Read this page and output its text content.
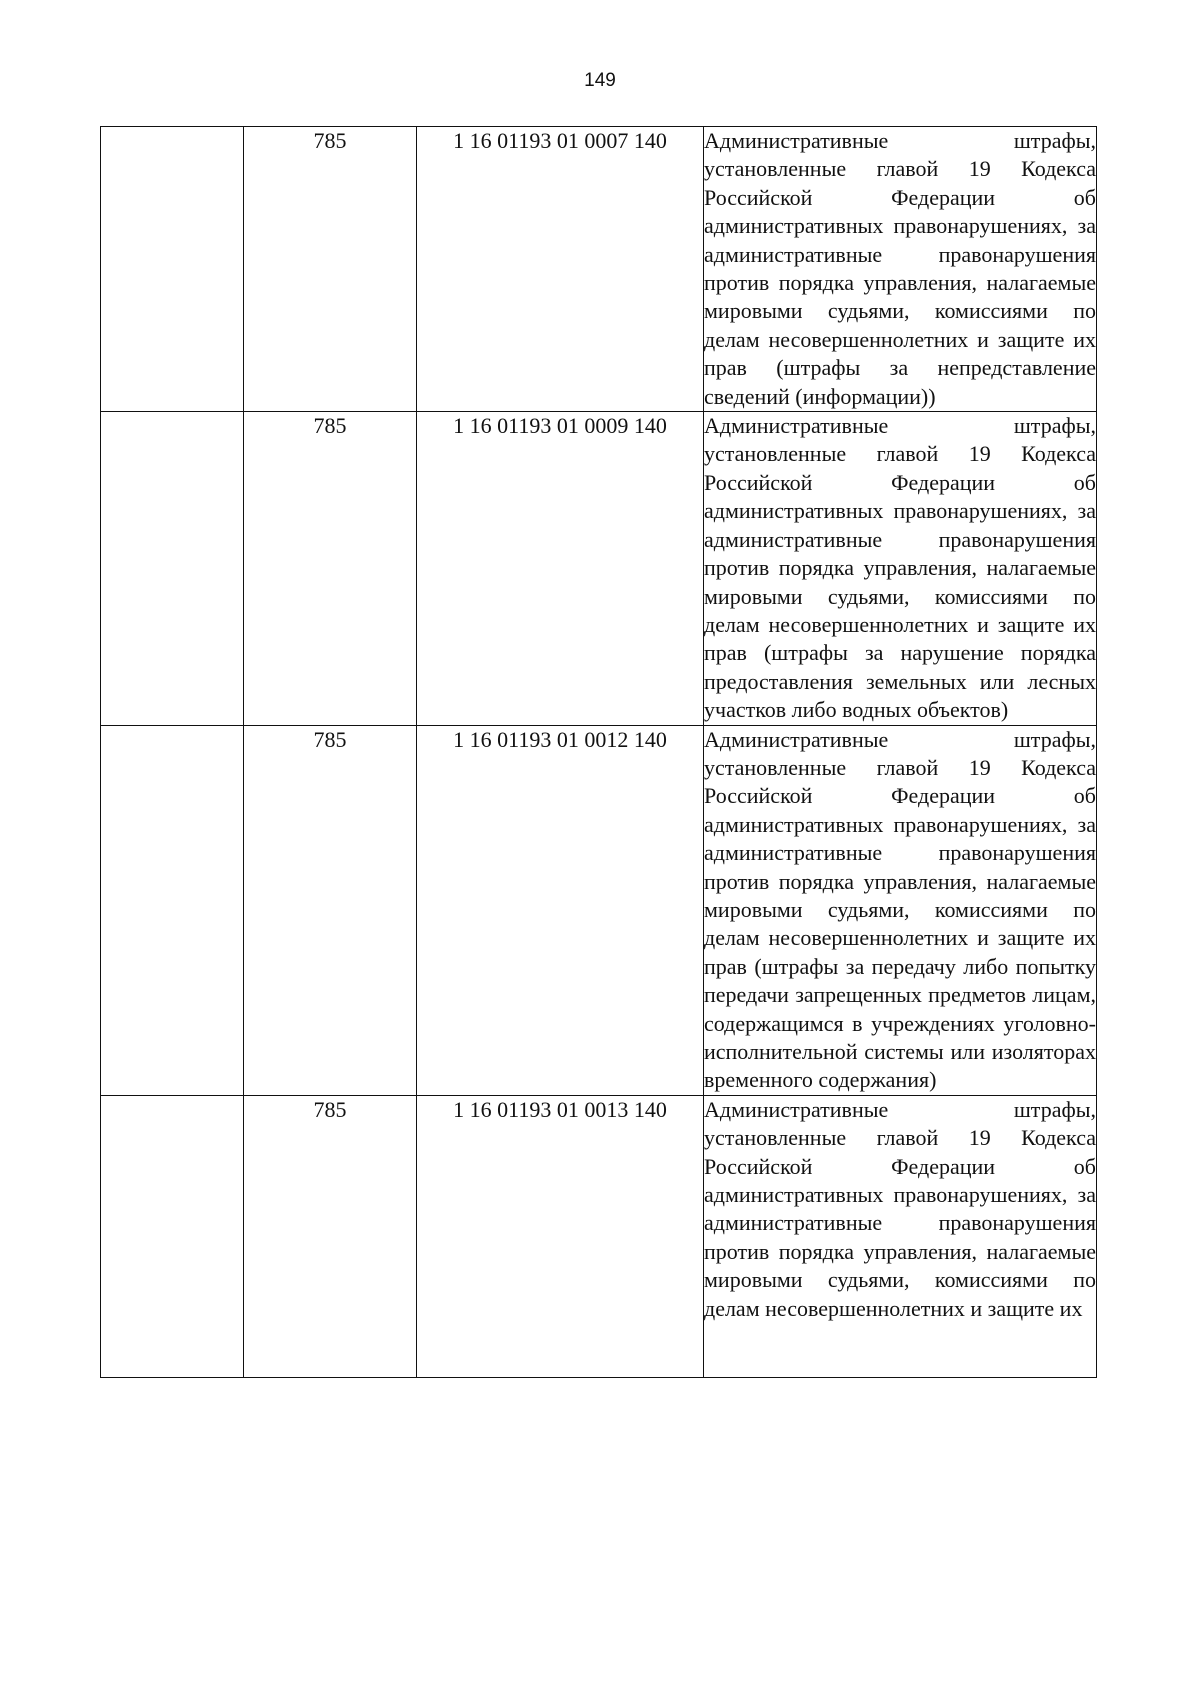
149
	785	1 16 01193 01 0007 140	Административные штрафы, установленные главой 19 Кодекса Российской Федерации об административных правонарушениях, за административные правонарушения против порядка управления, налагаемые мировыми судьями, комиссиями по делам несовершеннолетних и защите их прав (штрафы за непредставление сведений (информации))
	785	1 16 01193 01 0009 140	Административные штрафы, установленные главой 19 Кодекса Российской Федерации об административных правонарушениях, за административные правонарушения против порядка управления, налагаемые мировыми судьями, комиссиями по делам несовершеннолетних и защите их прав (штрафы за нарушение порядка предоставления земельных или лесных участков либо водных объектов)
	785	1 16 01193 01 0012 140	Административные штрафы, установленные главой 19 Кодекса Российской Федерации об административных правонарушениях, за административные правонарушения против порядка управления, налагаемые мировыми судьями, комиссиями по делам несовершеннолетних и защите их прав (штрафы за передачу либо попытку передачи запрещенных предметов лицам, содержащимся в учреждениях уголовно-исполнительной системы или изоляторах временного содержания)
	785	1 16 01193 01 0013 140	Административные штрафы, установленные главой 19 Кодекса Российской Федерации об административных правонарушениях, за административные правонарушения против порядка управления, налагаемые мировыми судьями, комиссиями по делам несовершеннолетних и защите их
